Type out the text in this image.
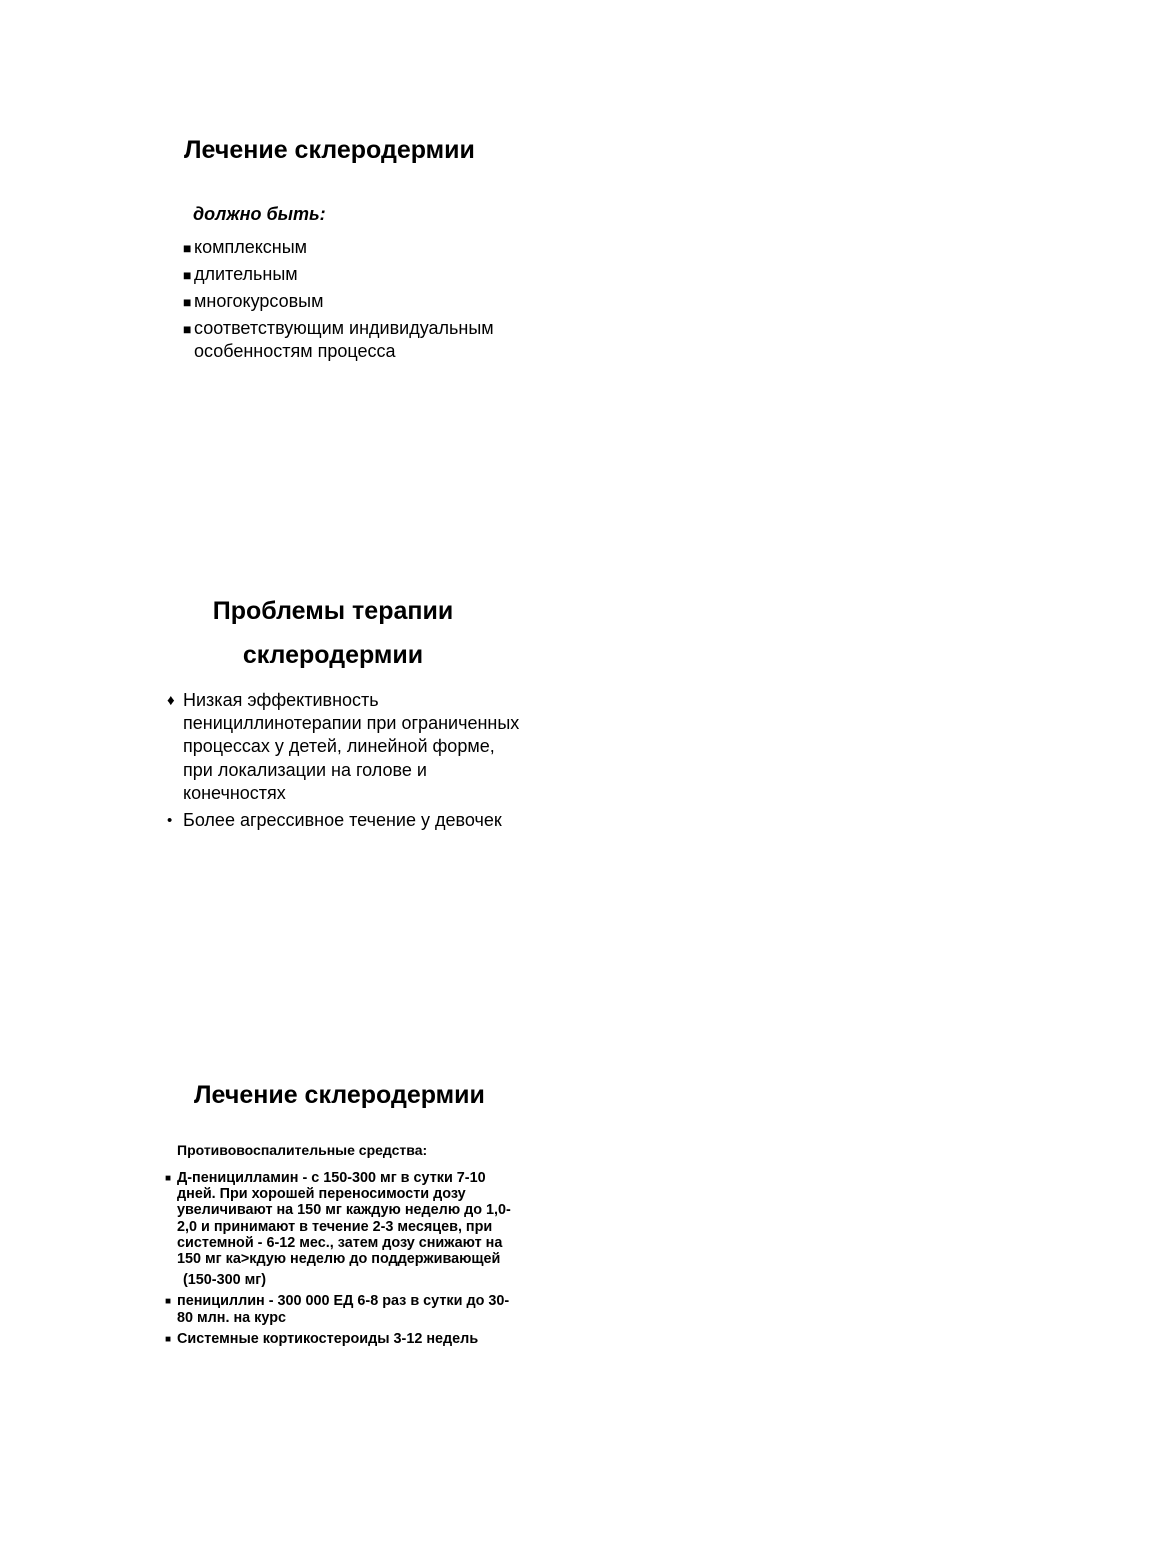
Лечение склеродермии

должно быть:

■ комплексным
■ длительным
■ многокурсовым
■ соответствующим индивидуальным особенностям процесса
Проблемы терапии
склеродермии
♦ Низкая эффективность пенициллинотерапии при ограниченных процессах у детей, линейной форме, при локализации на голове и конечностях
• Более агрессивное течение у девочек
Лечение склеродермии

Противовоспалительные средства:

■ Д-пеницилламин - с 150-300 мг в сутки 7-10 дней. При хорошей переносимости дозу увеличивают на 150 мг каждую неделю до 1,0-2,0 и принимают в течение 2-3 месяцев, при системной - 6-12 мес., затем дозу снижают на 150 мг ка>кдую неделю до поддерживающей
(150-300 мг)
■ пенициллин - 300 000 ЕД 6-8 раз в сутки до 30-80 млн. на курс
■ Системные кортикостероиды 3-12 недель
